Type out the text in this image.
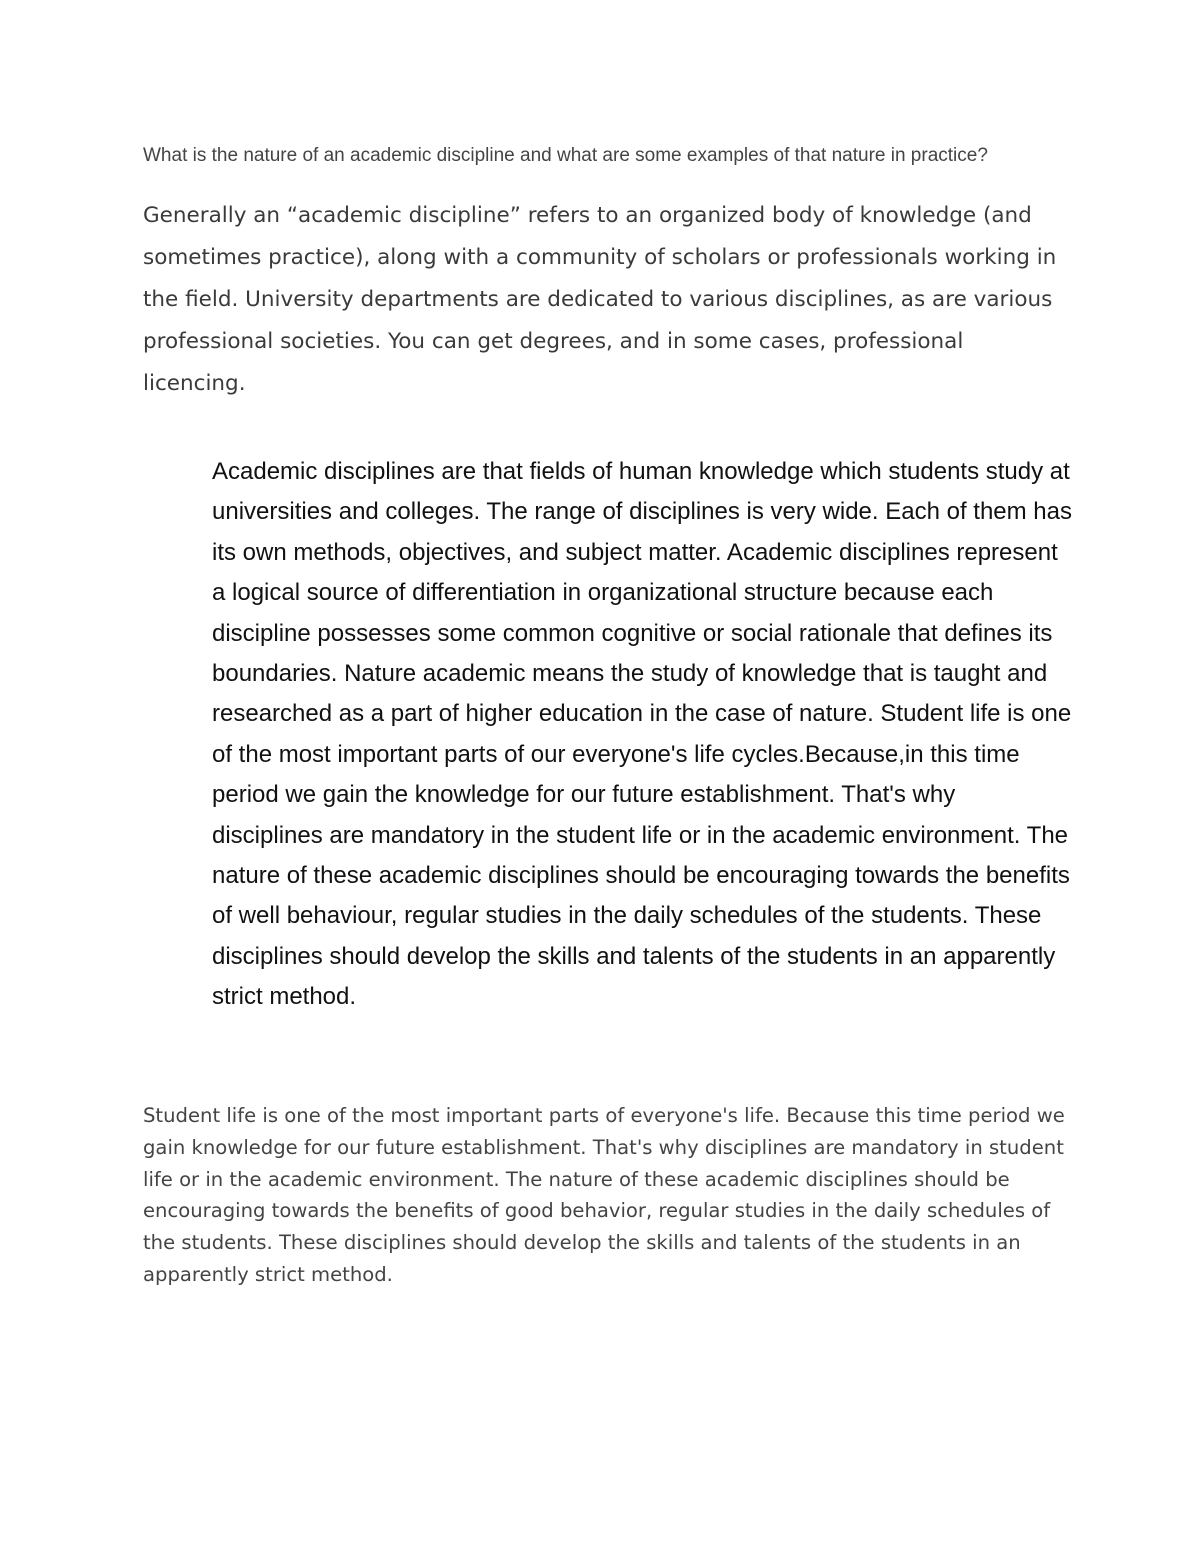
What is the nature of an academic discipline and what are some examples of that nature in practice?

Generally an “academic discipline” refers to an organized body of knowledge (and sometimes practice), along with a community of scholars or professionals working in the field. University departments are dedicated to various disciplines, as are various professional societies. You can get degrees, and in some cases, professional licencing.

Academic disciplines are that fields of human knowledge which students study at universities and colleges. The range of disciplines is very wide. Each of them has its own methods, objectives, and subject matter. Academic disciplines represent a logical source of differentiation in organizational structure because each discipline possesses some common cognitive or social rationale that defines its boundaries. Nature academic means the study of knowledge that is taught and researched as a part of higher education in the case of nature. Student life is one of the most important parts of our everyone's life cycles.Because,in this time period we gain the knowledge for our future establishment. That's why disciplines are mandatory in the student life or in the academic environment. The nature of these academic disciplines should be encouraging towards the benefits of well behaviour, regular studies in the daily schedules of the students. These disciplines should develop the skills and talents of the students in an apparently strict method.

Student life is one of the most important parts of everyone's life. Because this time period we gain knowledge for our future establishment. That's why disciplines are mandatory in student life or in the academic environment. The nature of these academic disciplines should be encouraging towards the benefits of good behavior, regular studies in the daily schedules of the students. These disciplines should develop the skills and talents of the students in an apparently strict method.
